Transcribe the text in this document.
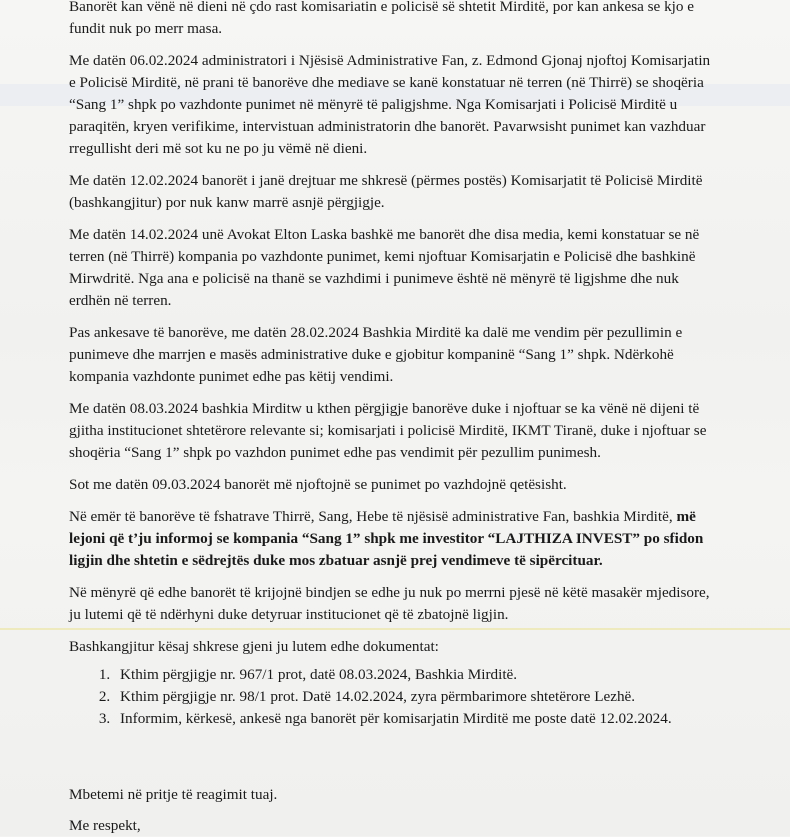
Banorët kan vënë në dieni në çdo rast komisariatin e policisë së shtetit Mirditë, por kan ankesa se kjo e fundit nuk po merr masa.

Me datën 06.02.2024 administratori i Njësisë Administrative Fan, z. Edmond Gjonaj njoftoj Komisarjatin e Policisë Mirditë, në prani të banorëve dhe mediave se kanë konstatuar në terren (në Thirrë) se shoqëria “Sang 1” shpk po vazhdonte punimet në mënyrë të paligjshme. Nga Komisarjati i Policisë Mirditë u paraqitën, kryen verifikime, intervistuan administratorin dhe banorët. Pavarwsisht punimet kan vazhduar rregullisht deri më sot ku ne po ju vëmë në dieni.

Me datën 12.02.2024 banorët i janë drejtuar me shkresë (përmes postës) Komisarjatit të Policisë Mirditë (bashkangjitur) por nuk kanw marrë asnjë përgjigje.

Me datën 14.02.2024 unë Avokat Elton Laska bashkë me banorët dhe disa media, kemi konstatuar se në terren (në Thirrë) kompania po vazhdonte punimet, kemi njoftuar Komisarjatin e Policisë dhe bashkinë Mirwdritë. Nga ana e policisë na thanë se vazhdimi i punimeve është në mënyrë të ligjshme dhe nuk erdhën në terren.

Pas ankesave të banorëve, me datën 28.02.2024 Bashkia Mirditë ka dalë me vendim për pezullimin e punimeve dhe marrjen e masës administrative duke e gjobitur kompaninë “Sang 1” shpk. Ndërkohë kompania vazhdonte punimet edhe pas këtij vendimi.

Me datën 08.03.2024 bashkia Mirditw u kthen përgjigje banorëve duke i njoftuar se ka vënë në dijeni të gjitha institucionet shtetërore relevante si; komisarjati i policisë Mirditë, IKMT Tiranë, duke i njoftuar se shoqëria “Sang 1” shpk po vazhdon punimet edhe pas vendimit për pezullim punimesh.

Sot me datën 09.03.2024 banorët më njoftojnë se punimet po vazhdojnë qetësisht.

Në emër të banorëve të fshatrave Thirrë, Sang, Hebe të njësisë administrative Fan, bashkia Mirditë, më lejoni që t’ju informoj se kompania “Sang 1” shpk me investitor “LAJTHIZA INVEST” po sfidon ligjin dhe shtetin e sëdrejtës duke mos zbatuar asnjë prej vendimeve të sipërcituar.

Në mënyrë që edhe banorët të krijojnë bindjen se edhe ju nuk po merrni pjesë në këtë masakër mjedisore, ju lutemi që të ndërhyni duke detyruar institucionet që të zbatojnë ligjin.

Bashkangjitur kësaj shkrese gjeni ju lutem edhe dokumentat:

1. Kthim përgjigje nr. 967/1 prot, datë 08.03.2024, Bashkia Mirditë.
2. Kthim përgjigje nr. 98/1 prot. Datë 14.02.2024, zyra përmbarimore shtetërore Lezhë.
3. Informim, kërkesë, ankesë nga banorët për komisarjatin Mirditë me poste datë 12.02.2024.
Mbetemi në pritje të reagimit tuaj.
Me respekt,
